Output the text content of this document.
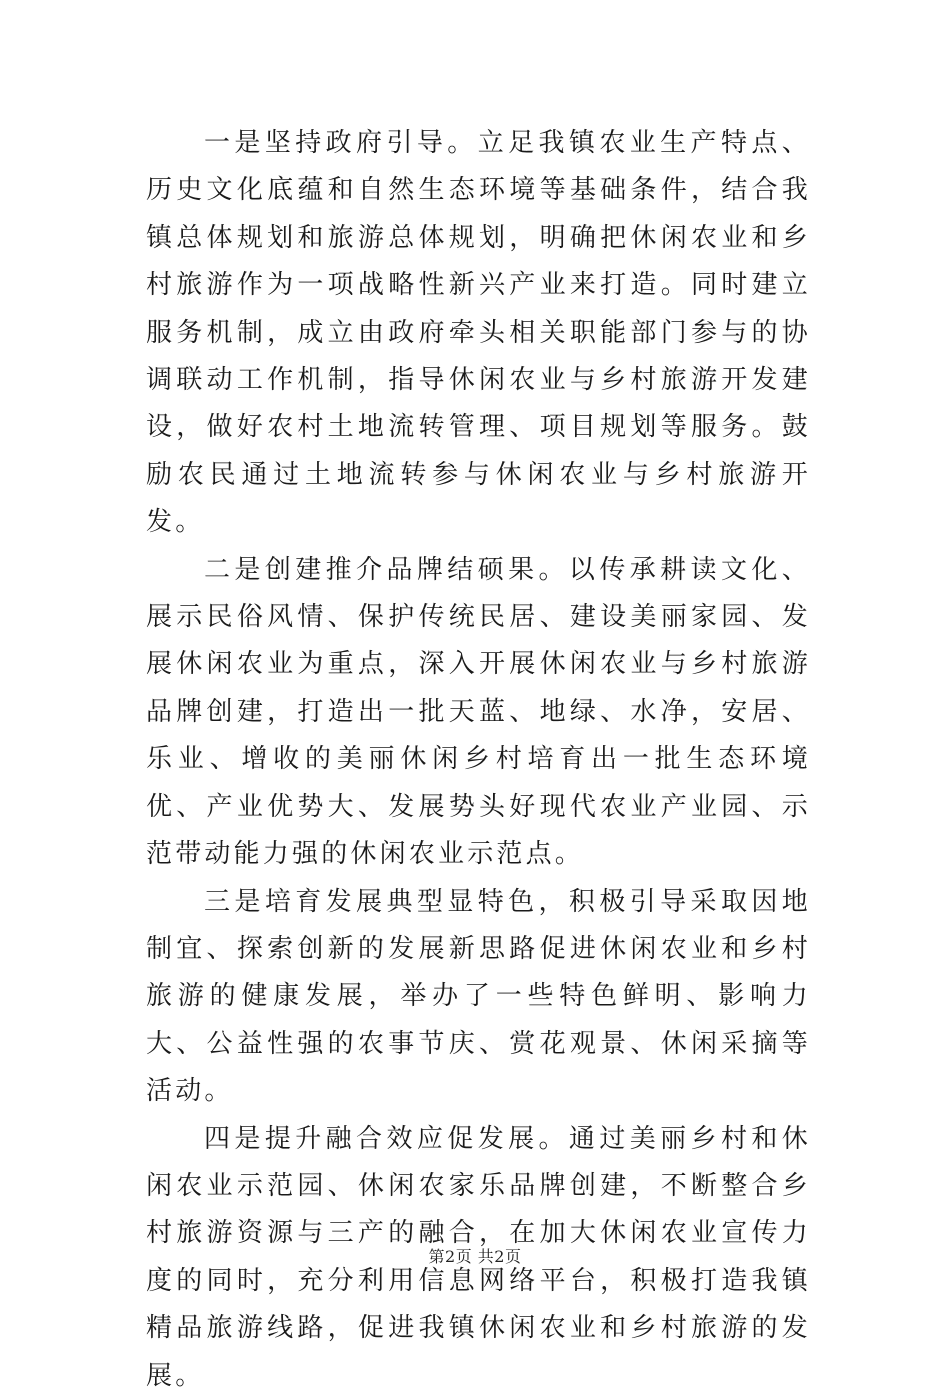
一是坚持政府引导。立足我镇农业生产特点、历史文化底蕴和自然生态环境等基础条件，结合我镇总体规划和旅游总体规划，明确把休闲农业和乡村旅游作为一项战略性新兴产业来打造。同时建立服务机制，成立由政府牵头相关职能部门参与的协调联动工作机制，指导休闲农业与乡村旅游开发建设，做好农村土地流转管理、项目规划等服务。鼓励农民通过土地流转参与休闲农业与乡村旅游开发。

二是创建推介品牌结硕果。以传承耕读文化、展示民俗风情、保护传统民居、建设美丽家园、发展休闲农业为重点，深入开展休闲农业与乡村旅游品牌创建，打造出一批天蓝、地绿、水净，安居、乐业、增收的美丽休闲乡村培育出一批生态环境优、产业优势大、发展势头好现代农业产业园、示范带动能力强的休闲农业示范点。

三是培育发展典型显特色，积极引导采取因地制宜、探索创新的发展新思路促进休闲农业和乡村旅游的健康发展，举办了一些特色鲜明、影响力大、公益性强的农事节庆、赏花观景、休闲采摘等活动。

四是提升融合效应促发展。通过美丽乡村和休闲农业示范园、休闲农家乐品牌创建，不断整合乡村旅游资源与三产的融合，在加大休闲农业宣传力度的同时，充分利用信息网络平台，积极打造我镇精品旅游线路，促进我镇休闲农业和乡村旅游的发展。

第2页 共2页
